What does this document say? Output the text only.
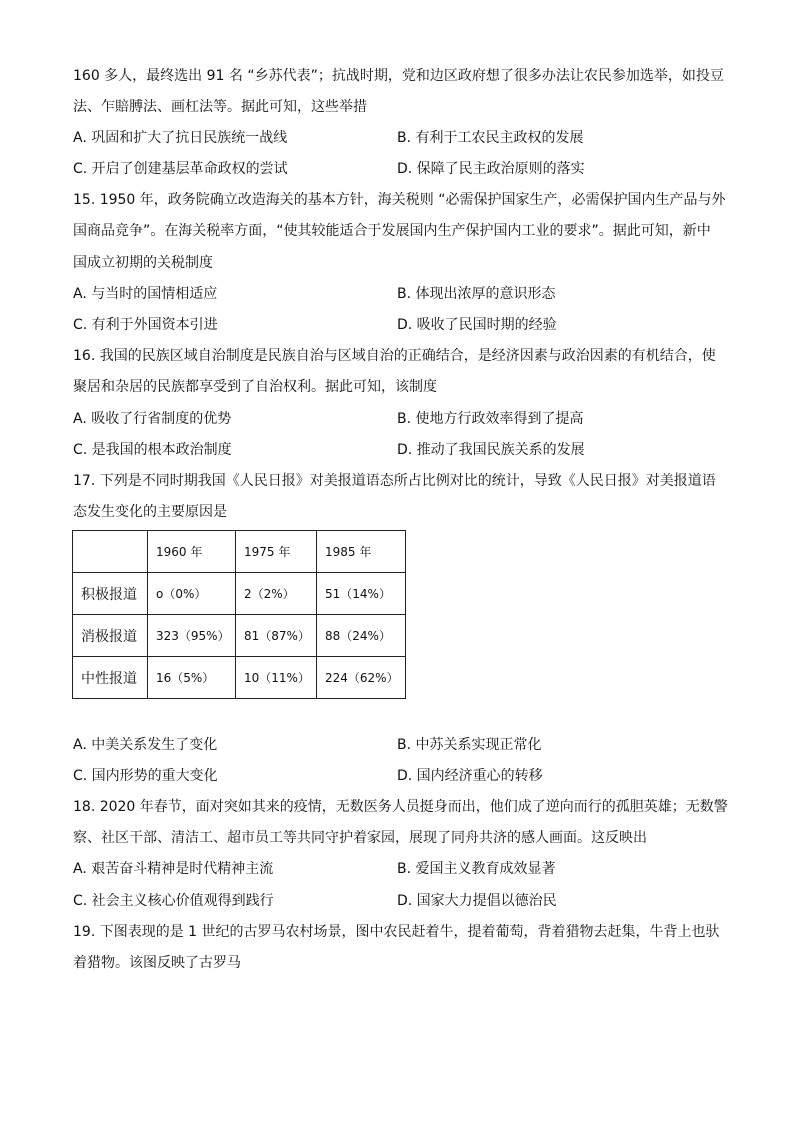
160 多人，最终选出 91 名 “乡苏代表”；抗战时期，党和边区政府想了很多办法让农民参加选举，如投豆
法、乍賠膊法、画杠法等。据此可知，这些举措
A. 巩固和扩大了抗日民族统一战线	B. 有利于工农民主政权的发展
C. 开启了创建基层革命政权的尝试	D. 保障了民主政治原则的落实
15. 1950 年，政务院确立改造海关的基本方针，海关税则 “必需保护国家生产，必需保护国内生产品与外
国商品竞争”。在海关税率方面，“使其较能适合于发展国内生产保护国内工业的要求”。据此可知，新中
国成立初期的关税制度
A. 与当时的国情相适应	B. 体现出浓厚的意识形态
C. 有利于外国资本引进	D. 吸收了民国时期的经验
16. 我国的民族区域自治制度是民族自治与区域自治的正确结合，是经济因素与政治因素的有机结合，使
聚居和杂居的民族都享受到了自治权利。据此可知，该制度
A. 吸收了行省制度的优势	B. 使地方行政效率得到了提高
C. 是我国的根本政治制度	D. 推动了我国民族关系的发展
17. 下列是不同时期我国《人民日报》对美报道语态所占比例对比的统计，导致《人民日报》对美报道语
态发生变化的主要原因是
	1960 年	1975 年	1985 年
积极报道	o（0%）	2（2%）	51（14%）
消极报道	323（95%）	81（87%）	88（24%）
中性报道	16（5%）	10（11%）	224（62%）
A. 中美关系发生了变化	B. 中苏关系实现正常化
C. 国内形势的重大变化	D. 国内经济重心的转移
18. 2020 年春节，面对突如其来的疫情，无数医务人员挺身而出，他们成了逆向而行的孤胆英雄；无数警
察、社区干部、清洁工、超市员工等共同守护着家园，展现了同舟共济的感人画面。这反映出
A. 艰苦奋斗精神是时代精神主流	B. 爱国主义教育成效显著
C. 社会主义核心价值观得到践行	D. 国家大力提倡以德治民
19. 下图表现的是 1 世纪的古罗马农村场景，图中农民赶着牛，提着葡萄，背着猎物去赶集，牛背上也驮
着猎物。该图反映了古罗马
